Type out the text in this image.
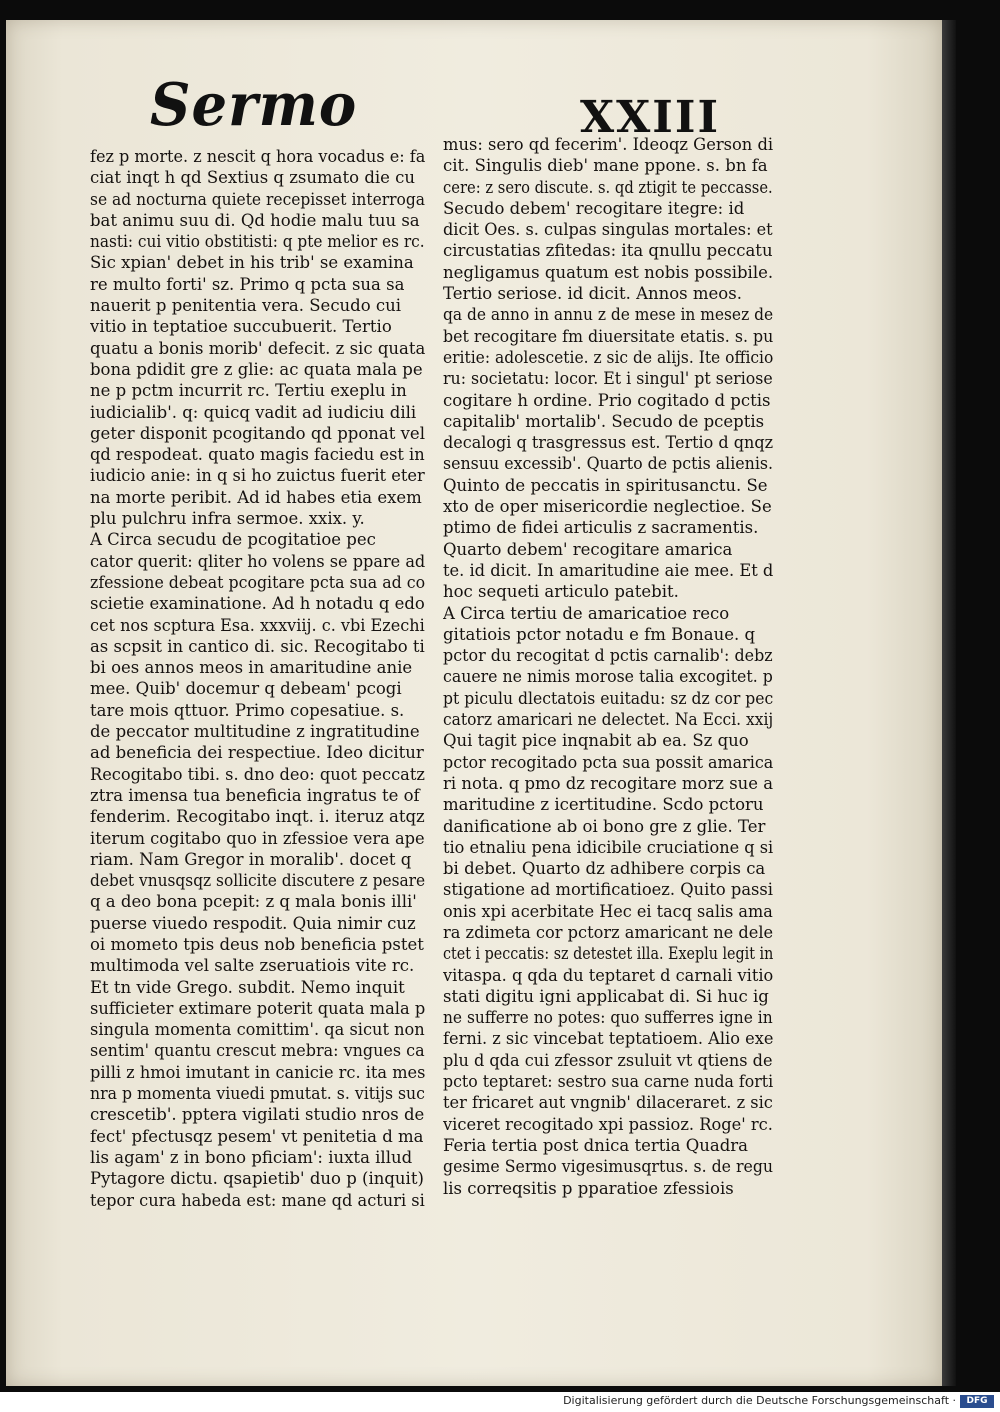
Sermo	XXIII
fez p morte. z nescit q hora vocadus e: fa
ciat inqt h qd Sextius q zsumato die cu
se ad nocturna quiete recepisset interroga
bat animu suu di. Qd hodie malu tuu sa
nasti: cui vitio obstitisti: q pte melior es rc.
Sic xpian' debet in his trib' se examina
re multo forti' sz. Primo q pcta sua sa
nauerit p penitentia vera. Secudo cui
vitio in teptatioe succubuerit. Tertio
quatu a bonis morib' defecit. z sic quata
bona pdidit gre z glie: ac quata mala pe
ne p pctm incurrit rc. Tertiu exeplu in
iudicialib'. q: quicq vadit ad iudiciu dili
geter disponit pcogitando qd pponat vel
qd respodeat. quato magis faciedu est in
iudicio anie: in q si ho zuictus fuerit eter
na morte peribit. Ad id habes etia exem
plu pulchru infra sermoe. xxix. y.
A Circa secudu de pcogitatioe pec
cator querit: qliter ho volens se ppare ad
zfessione debeat pcogitare pcta sua ad co
scietie examinatione. Ad h notadu q edo
cet nos scptura Esa. xxxviij. c. vbi Ezechi
as scpsit in cantico di. sic. Recogitabo ti
bi oes annos meos in amaritudine anie
mee. Quib' docemur q debeam' pcogi
tare mois qttuor. Primo copesatiue. s.
de peccator multitudine z ingratitudine
ad beneficia dei respectiue. Ideo dicitur
Recogitabo tibi. s. dno deo: quot peccatz
ztra imensa tua beneficia ingratus te of
fenderim. Recogitabo inqt. i. iteruz atqz
iterum cogitabo quo in zfessioe vera ape
riam. Nam Gregor in moralib'. docet q
debet vnusqsqz sollicite discutere z pesare
q a deo bona pcepit: z q mala bonis illi'
puerse viuedo respodit. Quia nimir cuz
oi mometo tpis deus nob beneficia pstet
multimoda vel salte zseruatiois vite rc.
Et tn vide Grego. subdit. Nemo inquit
sufficieter extimare poterit quata mala p
singula momenta comittim'. qa sicut non
sentim' quantu crescut mebra: vngues ca
pilli z hmoi imutant in canicie rc. ita mes
nra p momenta viuedi pmutat. s. vitijs suc
crescetib'. pptera vigilati studio nros de
fect' pfectusqz pesem' vt penitetia d ma
lis agam' z in bono pficiam': iuxta illud
Pytagore dictu. qsapietib' duo p (inquit)
tepor cura habeda est: mane qd acturi si
mus: sero qd fecerim'. Ideoqz Gerson di
cit. Singulis dieb' mane ppone. s. bn fa
cere: z sero discute. s. qd ztigit te peccasse.
Secudo debem' recogitare itegre: id
dicit Oes. s. culpas singulas mortales: et
circustatias zfitedas: ita qnullu peccatu
negligamus quatum est nobis possibile.
Tertio seriose. id dicit. Annos meos.
qa de anno in annu z de mese in mesez de
bet recogitare fm diuersitate etatis. s. pu
eritie: adolescetie. z sic de alijs. Ite officio
ru: societatu: locor. Et i singul' pt seriose
cogitare h ordine. Prio cogitado d pctis
capitalib' mortalib'. Secudo de pceptis
decalogi q trasgressus est. Tertio d qnqz
sensuu excessib'. Quarto de pctis alienis.
Quinto de peccatis in spiritusanctu. Se
xto de oper misericordie neglectioe. Se
ptimo de fidei articulis z sacramentis.
Quarto debem' recogitare amarica
te. id dicit. In amaritudine aie mee. Et d
hoc sequeti articulo patebit.
A Circa tertiu de amaricatioe reco
gitatiois pctor notadu e fm Bonaue. q
pctor du recogitat d pctis carnalib': debz
cauere ne nimis morose talia excogitet. p
pt piculu dlectatois euitadu: sz dz cor pec
catorz amaricari ne delectet. Na Ecci. xxij
Qui tagit pice inqnabit ab ea. Sz quo
pctor recogitado pcta sua possit amarica
ri nota. q pmo dz recogitare morz sue a
maritudine z icertitudine. Scdo pctoru
danificatione ab oi bono gre z glie. Ter
tio etnaliu pena idicibile cruciatione q si
bi debet. Quarto dz adhibere corpis ca
stigatione ad mortificatioez. Quito passi
onis xpi acerbitate Hec ei tacq salis ama
ra zdimeta cor pctorz amaricant ne dele
ctet i peccatis: sz detestet illa. Exeplu legit in
vitaspa. q qda du teptaret d carnali vitio
stati digitu igni applicabat di. Si huc ig
ne sufferre no potes: quo sufferres igne in
ferni. z sic vincebat teptatioem. Alio exe
plu d qda cui zfessor zsuluit vt qtiens de
pcto teptaret: sestro sua carne nuda forti
ter fricaret aut vngnib' dilaceraret. z sic
viceret recogitado xpi passioz. Roge' rc.
Feria tertia post dnica tertia Quadra
gesime Sermo vigesimusqrtus. s. de regu
lis correqsitis p pparatioe zfessiois
Digitalisierung gefördert durch die Deutsche Forschungsgemeinschaft ·	DFG
